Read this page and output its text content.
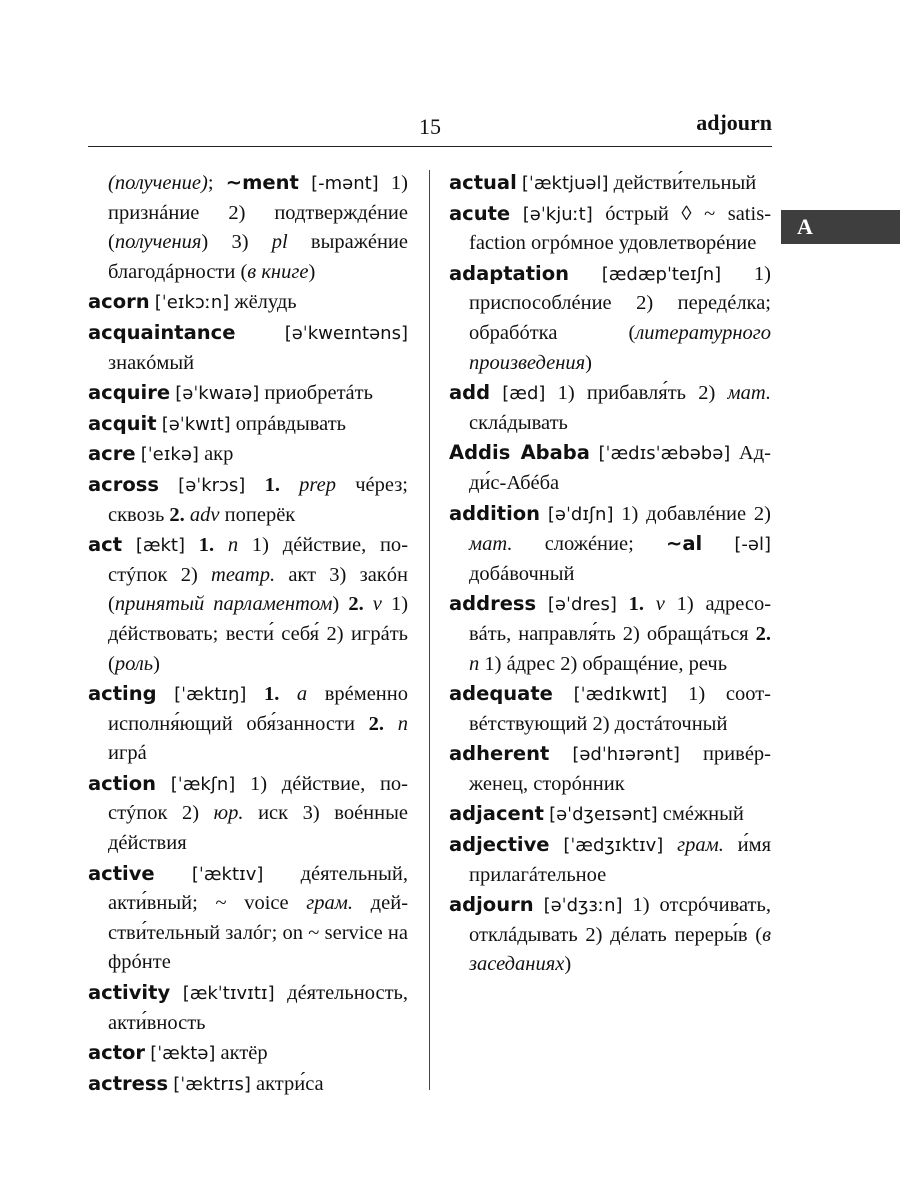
15	adjourn
A
(получение); ~ment [-mənt] 1) признáние 2) подтверждéние (получения) 3) pl выражéние благодáрности (в книге)
acorn [ˈeɪkɔːn] жёлудь
acquaintance	[əˈkweɪntəns] знакóмый
acquire [əˈkwaɪə] приобретáть
acquit [əˈkwɪt] опрáвдывать
acre [ˈeɪkə] акр
across [əˈkrɔs] 1. prep чéрез; сквозь 2. adv поперёк
act [ækt] 1. n 1) дéйствие, постýпок 2) театр. акт 3) закóн (принятый парламентом) 2. v 1) дéйствовать; вести́ себя́ 2) игрáть (роль)
acting [ˈæktɪŋ] 1. a врéменно исполня́ющий обя́занности 2. n игрá
action [ˈækʃn] 1) дéйствие, постýпок 2) юр. иск 3) воéнные дéйствия
active [ˈæktɪv] дéятельный, акти́вный; ~ voice грам. действи́тельный залóг; on ~ service на фрóнте
activity [ækˈtɪvɪtɪ] дéятельность, акти́вность
actor [ˈæktə] актёр
actress [ˈæktrɪs] актри́са
actual [ˈæktjuəl] действи́тельный
acute [əˈkjuːt] óстрый ◊ ~ satisfaction огрóмное удовлетворéние
adaptation [ædæpˈteɪʃn] 1) приспособлéние 2) передéлка; обрабóтка (литературного произведения)
add [æd] 1) прибавля́ть 2) мат. склáдывать
Addis Ababa [ˈædɪsˈæbəbə] Адди́с-Абéба
addition [əˈdɪʃn] 1) добавлéние 2) мат. сложéние; ~al [-əl] добáвочный
address [əˈdres] 1. v 1) адресовáть, направля́ть 2) обращáться 2. n 1) áдрес 2) обращéние, речь
adequate [ˈædɪkwɪt] 1) соотвéтствующий 2) достáточный
adherent [ədˈhɪərənt] привéрженец, сторóнник
adjacent [əˈdʒeɪsənt] смéжный
adjective [ˈædʒɪktɪv] грам. и́мя прилагáтельное
adjourn [əˈdʒɜːn] 1) отсрóчивать, отклáдывать 2) дéлать переры́в (в заседаниях)
